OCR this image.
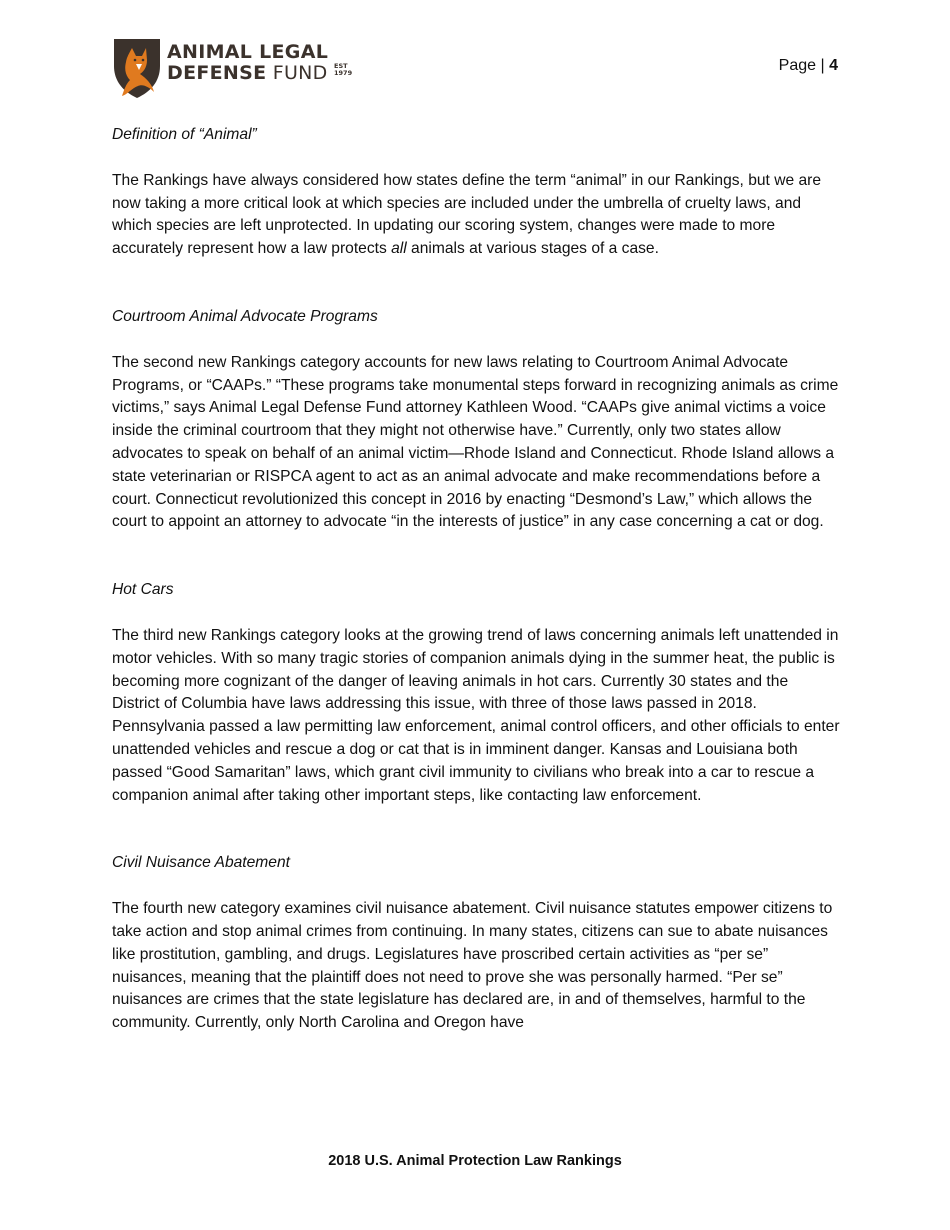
ANIMAL LEGAL
DEFENSE FUND EST
1979	Page | 4

Definition of “Animal”

The Rankings have always considered how states define the term “animal” in our Rankings, but we are now taking a more critical look at which species are included under the umbrella of cruelty laws, and which species are left unprotected. In updating our scoring system, changes were made to more accurately represent how a law protects all animals at various stages of a case.

Courtroom Animal Advocate Programs

The second new Rankings category accounts for new laws relating to Courtroom Animal Advocate Programs, or “CAAPs.” “These programs take monumental steps forward in recognizing animals as crime victims,” says Animal Legal Defense Fund attorney Kathleen Wood. “CAAPs give animal victims a voice inside the criminal courtroom that they might not otherwise have.” Currently, only two states allow advocates to speak on behalf of an animal victim—Rhode Island and Connecticut. Rhode Island allows a state veterinarian or RISPCA agent to act as an animal advocate and make recommendations before a court. Connecticut revolutionized this concept in 2016 by enacting “Desmond’s Law,” which allows the court to appoint an attorney to advocate “in the interests of justice” in any case concerning a cat or dog.

Hot Cars

The third new Rankings category looks at the growing trend of laws concerning animals left unattended in motor vehicles. With so many tragic stories of companion animals dying in the summer heat, the public is becoming more cognizant of the danger of leaving animals in hot cars. Currently 30 states and the District of Columbia have laws addressing this issue, with three of those laws passed in 2018. Pennsylvania passed a law permitting law enforcement, animal control officers, and other officials to enter unattended vehicles and rescue a dog or cat that is in imminent danger. Kansas and Louisiana both passed “Good Samaritan” laws, which grant civil immunity to civilians who break into a car to rescue a companion animal after taking other important steps, like contacting law enforcement.

Civil Nuisance Abatement

The fourth new category examines civil nuisance abatement. Civil nuisance statutes empower citizens to take action and stop animal crimes from continuing. In many states, citizens can sue to abate nuisances like prostitution, gambling, and drugs. Legislatures have proscribed certain activities as “per se” nuisances, meaning that the plaintiff does not need to prove she was personally harmed. “Per se” nuisances are crimes that the state legislature has declared are, in and of themselves, harmful to the community. Currently, only North Carolina and Oregon have

2018 U.S. Animal Protection Law Rankings
